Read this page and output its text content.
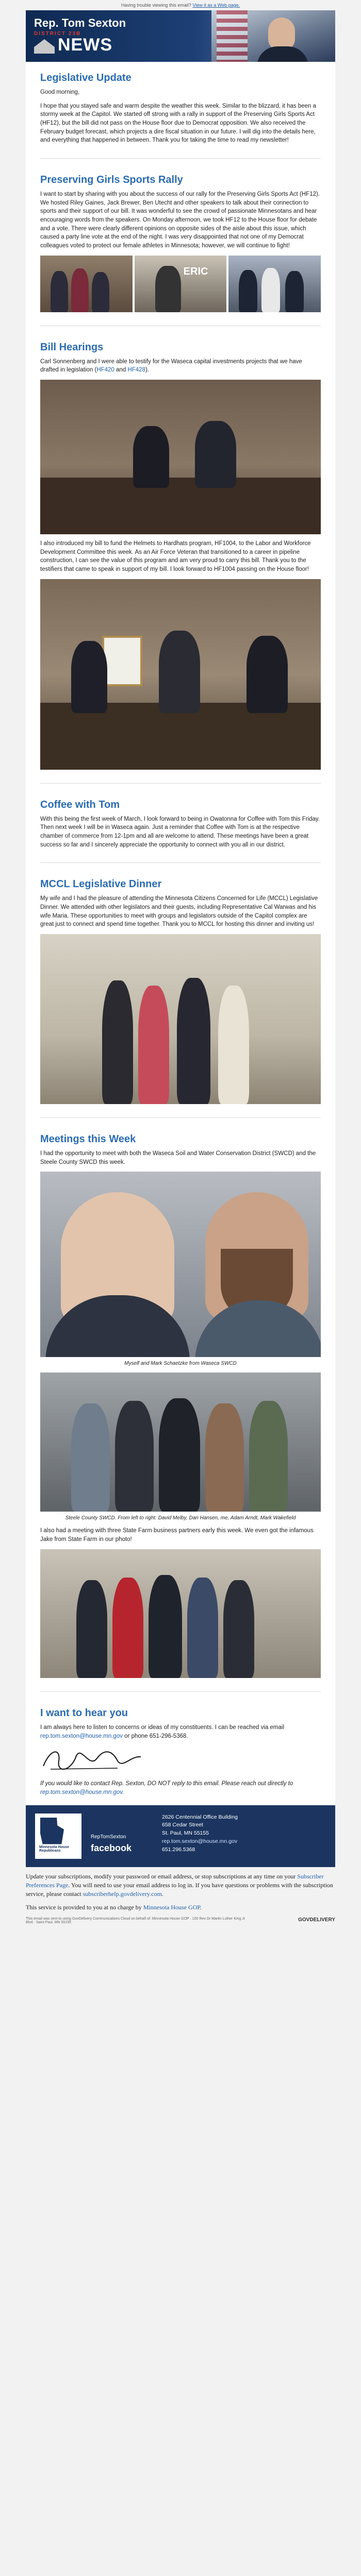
Having trouble viewing this email? View it as a Web page.
Rep. Tom Sexton
DISTRICT 23B
NEWS
Legislative Update

Good morning,

I hope that you stayed safe and warm despite the weather this week. Similar to the blizzard, it has been a stormy week at the Capitol. We started off strong with a rally in support of the Preserving Girls Sports Act (HF12), but the bill did not pass on the House floor due to Democrat opposition. We also received the February budget forecast, which projects a dire fiscal situation in our future. I will dig into the details here, and everything that happened in between. Thank you for taking the time to read my newsletter!

Preserving Girls Sports Rally

I want to start by sharing with you about the success of our rally for the Preserving Girls Sports Act (HF12). We hosted Riley Gaines, Jack Brewer, Ben Utecht and other speakers to talk about their connection to sports and their support of our bill. It was wonderful to see the crowd of passionate Minnesotans and hear encouraging words from the speakers. On Monday afternoon, we took HF12 to the House floor for debate and a vote. There were clearly different opinions on opposite sides of the aisle about this issue, which caused a party line vote at the end of the night. I was very disappointed that not one of my Democrat colleagues voted to protect our female athletes in Minnesota; however, we will continue to fight!

ERIC
Bill Hearings

Carl Sonnenberg and I were able to testify for the Waseca capital investments projects that we have drafted in legislation (HF420 and HF428).

I also introduced my bill to fund the Helmets to Hardhats program, HF1004, to the Labor and Workforce Development Committee this week. As an Air Force Veteran that transitioned to a career in pipeline construction, I can see the value of this program and am very proud to carry this bill. Thank you to the testifiers that came to speak in support of my bill. I look forward to HF1004 passing on the House floor!

Coffee with Tom

With this being the first week of March, I look forward to being in Owatonna for Coffee with Tom this Friday. Then next week I will be in Waseca again. Just a reminder that Coffee with Tom is at the respective chamber of commerce from 12-1pm and all are welcome to attend. These meetings have been a great success so far and I sincerely appreciate the opportunity to connect with you all in our district.

MCCL Legislative Dinner

My wife and I had the pleasure of attending the Minnesota Citizens Concerned for Life (MCCL) Legislative Dinner. We attended with other legislators and their guests, including Representative Cal Warwas and his wife Maria. These opportunities to meet with groups and legislators outside of the Capitol complex are great just to connect and spend time together. Thank you to MCCL for hosting this dinner and inviting us!

Meetings this Week

I had the opportunity to meet with both the Waseca Soil and Water Conservation District (SWCD) and the Steele County SWCD this week.

Myself and Mark Schaetzke from Waseca SWCD
Steele County SWCD. From left to right: David Melby, Dan Hansen, me, Adam Arndt, Mark Wakefield

I also had a meeting with three State Farm business partners early this week. We even got the infamous Jake from State Farm in our photo!

I want to hear you

I am always here to listen to concerns or ideas of my constituents. I can be reached via email rep.tom.sexton@house.mn.gov or phone 651-296-5368.

If you would like to contact Rep. Sexton, DO NOT reply to this email. Please reach out directly to rep.tom.sexton@house.mn.gov.

Minnesota House Republicans
RepTomSexton
facebook
2626 Centennial Office Building
658 Cedar Street
St. Paul, MN 55155
rep.tom.sexton@house.mn.gov
651.296.5368

Update your subscriptions, modify your password or email address, or stop subscriptions at any time on your Subscriber Preferences Page. You will need to use your email address to log in. If you have questions or problems with the subscription service, please contact subscriberhelp.govdelivery.com.

This service is provided to you at no charge by Minnesota House GOP.

This email was sent to using GovDelivery Communications Cloud on behalf of: Minnesota House GOP · 100 Rev Dr Martin Luther King Jr Blvd · Saint Paul, MN 55155	GOVDELIVERY
